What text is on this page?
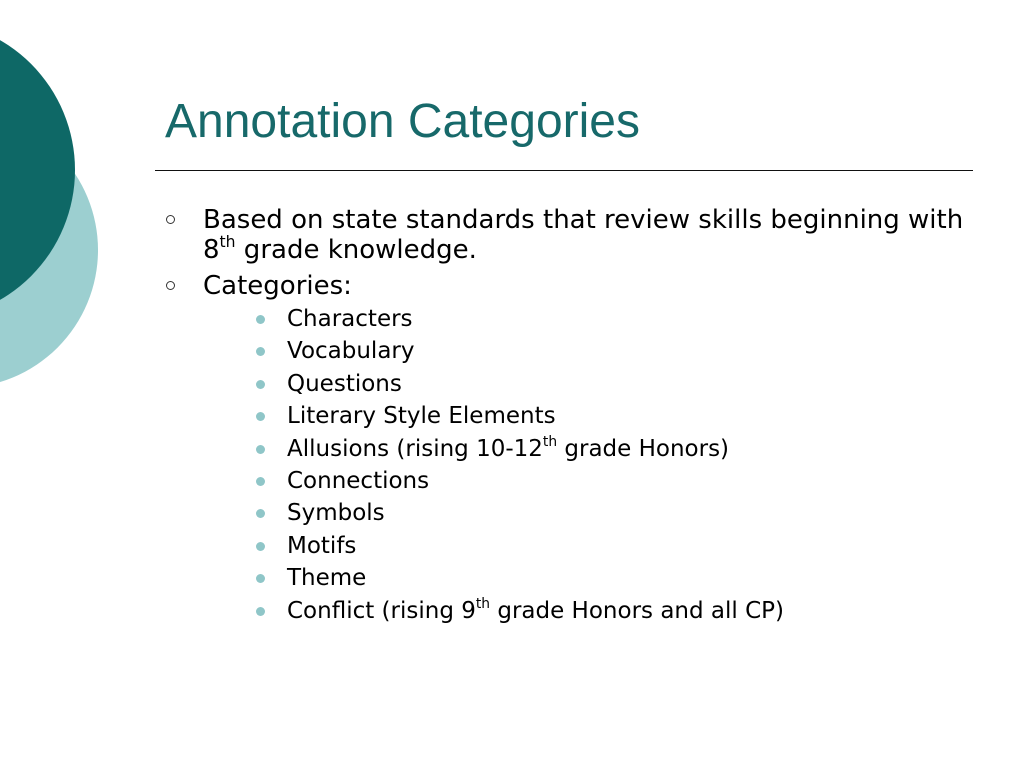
Annotation Categories
Based on state standards that review skills beginning with 8th grade knowledge.
Categories:
Characters
Vocabulary
Questions
Literary Style Elements
Allusions (rising 10-12th grade Honors)
Connections
Symbols
Motifs
Theme
Conflict (rising 9th grade Honors and all CP)
